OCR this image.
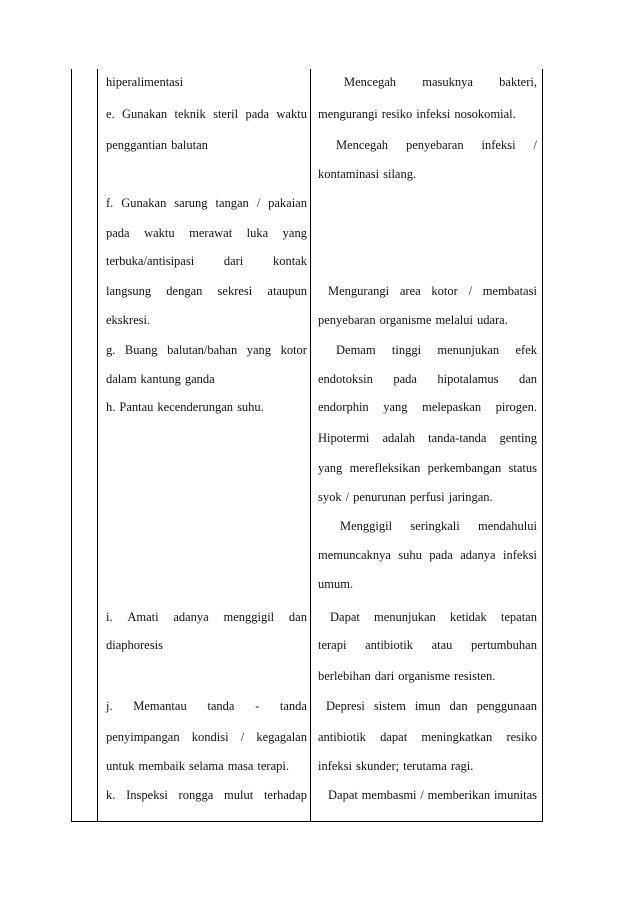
hiperalimentasi
e. Gunakan teknik steril pada waktu
penggantian balutan
f. Gunakan sarung tangan / pakaian
pada waktu merawat luka yang
terbuka/antisipasi dari kontak
langsung dengan sekresi ataupun
ekskresi.
g. Buang balutan/bahan yang kotor
dalam kantung ganda
h. Pantau kecenderungan suhu.
i. Amati adanya menggigil dan
diaphoresis
j. Memantau tanda - tanda
penyimpangan kondisi / kegagalan
untuk membaik selama masa terapi.
k. Inspeksi rongga mulut terhadap
Mencegah masuknya bakteri,
mengurangi resiko infeksi nosokomial.
Mencegah penyebaran infeksi /
kontaminasi silang.
Mengurangi area kotor / membatasi
penyebaran organisme melalui udara.
Demam tinggi menunjukan efek
endotoksin pada hipotalamus dan
endorphin yang melepaskan pirogen.
Hipotermi adalah tanda-tanda genting
yang merefleksikan perkembangan status
syok / penurunan perfusi jaringan.
Menggigil seringkali mendahului
memuncaknya suhu pada adanya infeksi
umum.
Dapat menunjukan ketidak tepatan
terapi antibiotik atau pertumbuhan
berlebihan dari organisme resisten.
Depresi sistem imun dan penggunaan
antibiotik dapat meningkatkan resiko
infeksi skunder; terutama ragi.
Dapat membasmi / memberikan imunitas
